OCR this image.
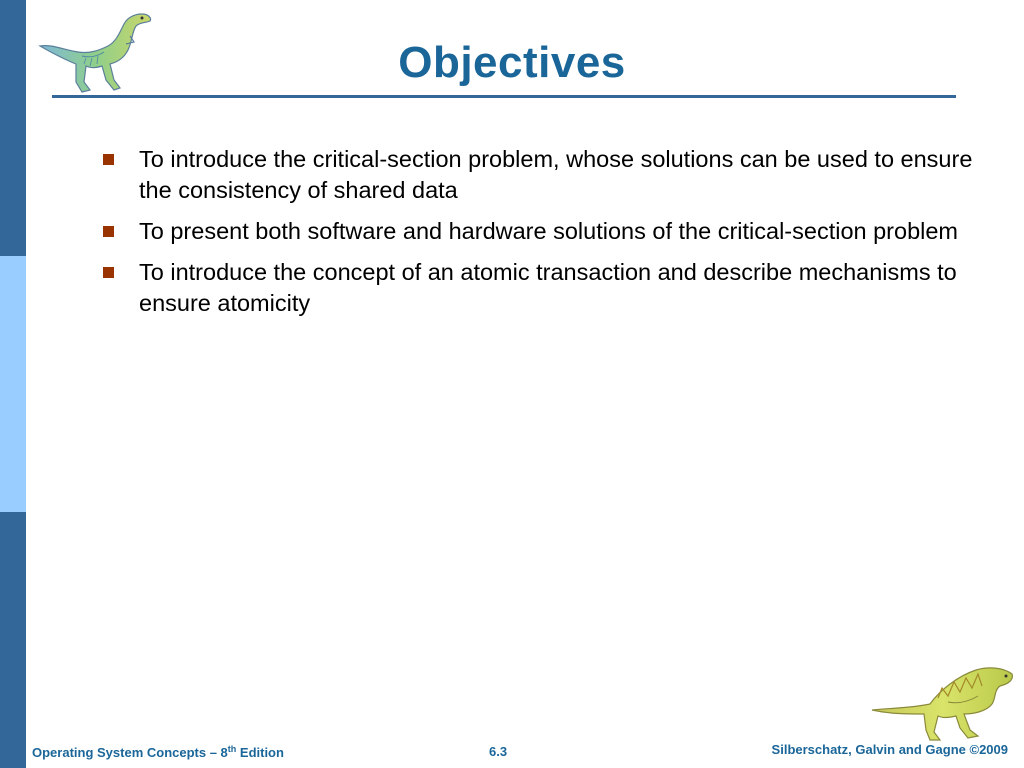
Objectives
To introduce the critical-section problem, whose solutions can be used to ensure the consistency of shared data
To present both software and hardware solutions of the critical-section problem
To introduce the concept of an atomic transaction and describe mechanisms to ensure atomicity
Operating System Concepts – 8th Edition	6.3	Silberschatz, Galvin and Gagne ©2009
